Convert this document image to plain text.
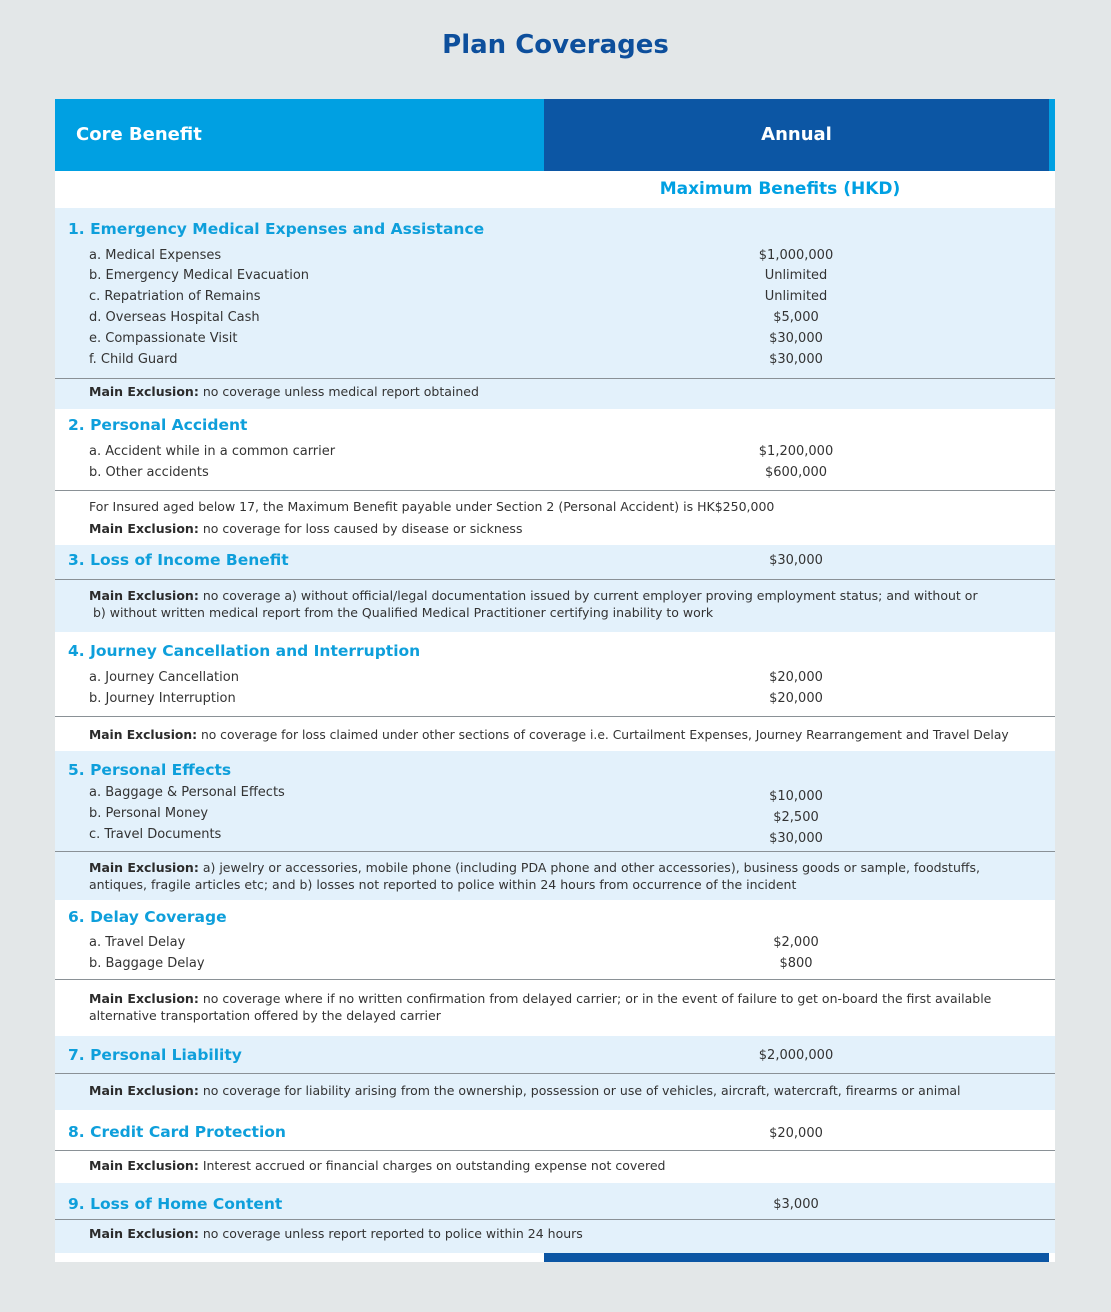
Plan Coverages
Core Benefit	Annual
Maximum Benefits (HKD)
1. Emergency Medical Expenses and Assistance
a. Medical Expenses	$1,000,000
b. Emergency Medical Evacuation	Unlimited
c. Repatriation of Remains	Unlimited
d. Overseas Hospital Cash	$5,000
e. Compassionate Visit	$30,000
f. Child Guard	$30,000
Main Exclusion: no coverage unless medical report obtained
2. Personal Accident
a. Accident while in a common carrier	$1,200,000
b. Other accidents	$600,000
For Insured aged below 17, the Maximum Benefit payable under Section 2 (Personal Accident) is HK$250,000
Main Exclusion: no coverage for loss caused by disease or sickness
3. Loss of Income Benefit	$30,000
Main Exclusion: no coverage a) without official/legal documentation issued by current employer proving employment status; and without or
b) without written medical report from the Qualified Medical Practitioner certifying inability to work
4. Journey Cancellation and Interruption
a. Journey Cancellation	$20,000
b. Journey Interruption	$20,000
Main Exclusion: no coverage for loss claimed under other sections of coverage i.e. Curtailment Expenses, Journey Rearrangement and Travel Delay
5. Personal Effects
a. Baggage & Personal Effects	$10,000
b. Personal Money	$2,500
c. Travel Documents	$30,000
Main Exclusion: a) jewelry or accessories, mobile phone (including PDA phone and other accessories), business goods or sample, foodstuffs, antiques, fragile articles etc; and b) losses not reported to police within 24 hours from occurrence of the incident
6. Delay Coverage
a. Travel Delay	$2,000
b. Baggage Delay	$800
Main Exclusion: no coverage where if no written confirmation from delayed carrier; or in the event of failure to get on-board the first available alternative transportation offered by the delayed carrier
7. Personal Liability	$2,000,000
Main Exclusion: no coverage for liability arising from the ownership, possession or use of vehicles, aircraft, watercraft, firearms or animal
8. Credit Card Protection	$20,000
Main Exclusion: Interest accrued or financial charges on outstanding expense not covered
9. Loss of Home Content	$3,000
Main Exclusion: no coverage unless report reported to police within 24 hours
